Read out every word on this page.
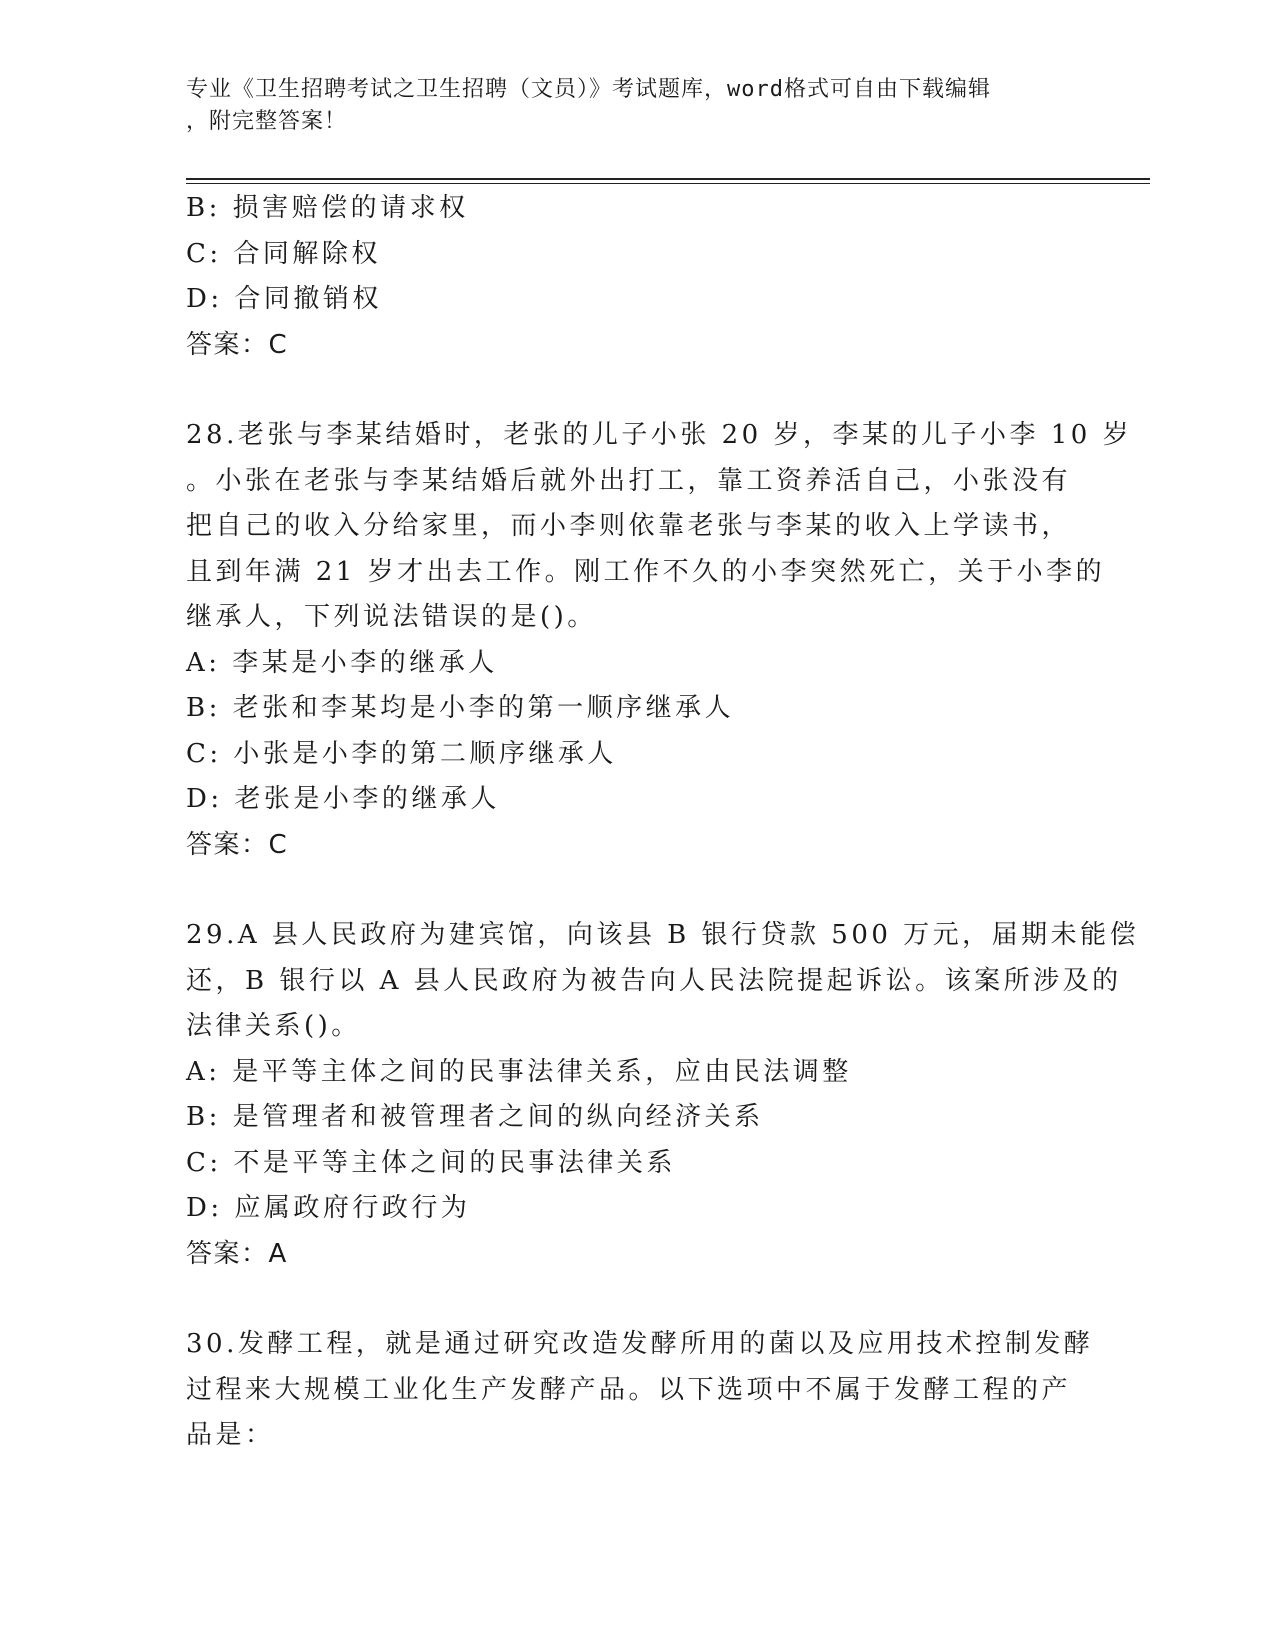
专业《卫生招聘考试之卫生招聘（文员）》考试题库，word格式可自由下载编辑
，附完整答案！
B: 损害赔偿的请求权
C: 合同解除权
D: 合同撤销权
答案：C
28.老张与李某结婚时，老张的儿子小张 20 岁，李某的儿子小李 10 岁
。小张在老张与李某结婚后就外出打工，靠工资养活自己，小张没有
把自己的收入分给家里，而小李则依靠老张与李某的收入上学读书，
且到年满 21 岁才出去工作。刚工作不久的小李突然死亡，关于小李的
继承人，下列说法错误的是()。
A: 李某是小李的继承人
B: 老张和李某均是小李的第一顺序继承人
C: 小张是小李的第二顺序继承人
D: 老张是小李的继承人
答案：C
29.A 县人民政府为建宾馆，向该县 B 银行贷款 500 万元，届期未能偿
还，B 银行以 A 县人民政府为被告向人民法院提起诉讼。该案所涉及的
法律关系()。
A: 是平等主体之间的民事法律关系，应由民法调整
B: 是管理者和被管理者之间的纵向经济关系
C: 不是平等主体之间的民事法律关系
D: 应属政府行政行为
答案：A
30.发酵工程，就是通过研究改造发酵所用的菌以及应用技术控制发酵
过程来大规模工业化生产发酵产品。以下选项中不属于发酵工程的产
品是：
